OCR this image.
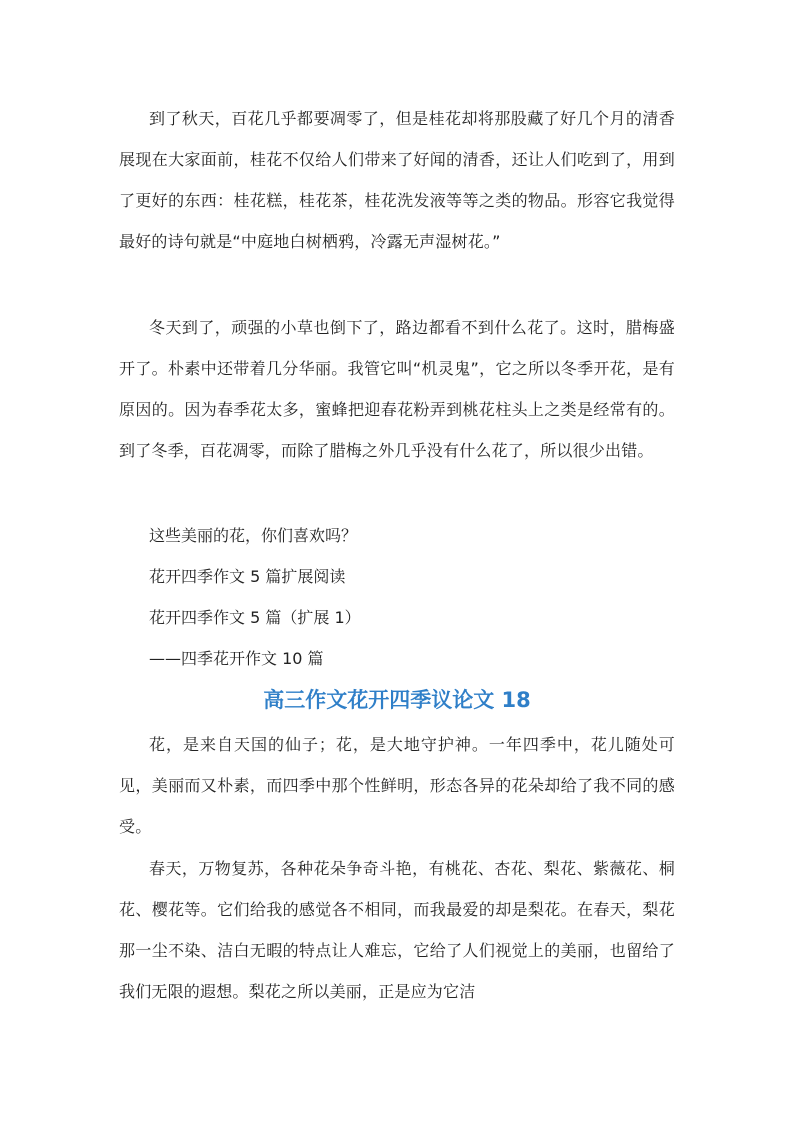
到了秋天，百花几乎都要凋零了，但是桂花却将那股藏了好几个月的清香展现在大家面前，桂花不仅给人们带来了好闻的清香，还让人们吃到了，用到了更好的东西：桂花糕，桂花茶，桂花洗发液等等之类的物品。形容它我觉得最好的诗句就是“中庭地白树栖鸦，冷露无声湿树花。”

冬天到了，顽强的小草也倒下了，路边都看不到什么花了。这时，腊梅盛开了。朴素中还带着几分华丽。我管它叫“机灵鬼”，它之所以冬季开花，是有原因的。因为春季花太多，蜜蜂把迎春花粉弄到桃花柱头上之类是经常有的。到了冬季，百花凋零，而除了腊梅之外几乎没有什么花了，所以很少出错。

这些美丽的花，你们喜欢吗？

花开四季作文 5 篇扩展阅读

花开四季作文 5 篇（扩展 1）

——四季花开作文 10 篇

高三作文花开四季议论文 18

花，是来自天国的仙子；花，是大地守护神。一年四季中，花儿随处可见，美丽而又朴素，而四季中那个性鲜明，形态各异的花朵却给了我不同的感受。

春天，万物复苏，各种花朵争奇斗艳，有桃花、杏花、梨花、紫薇花、桐花、樱花等。它们给我的感觉各不相同，而我最爱的却是梨花。在春天，梨花那一尘不染、洁白无暇的特点让人难忘，它给了人们视觉上的美丽，也留给了我们无限的遐想。梨花之所以美丽，正是应为它洁
